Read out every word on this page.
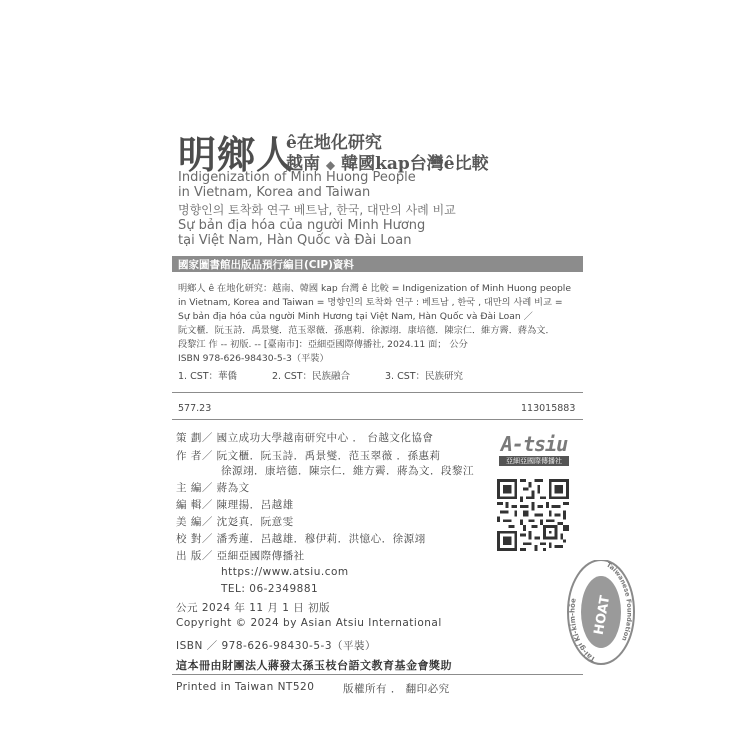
明鄉人
ê在地化研究
越南 ◆ 韓國kap台灣ê比較
Indigenization of Minh Huong People
in Vietnam, Korea and Taiwan
명향인의 토착화 연구 베트남, 한국, 대만의 사례 비교
Sự bản địa hóa của người Minh Hương
tại Việt Nam, Hàn Quốc và Đài Loan
國家圖書館出版品預行編目(CIP)資料
明鄉人 ê 在地化研究：越南、韓國 kap 台灣 ê 比較 = Indigenization of Minh Huong people
in Vietnam, Korea and Taiwan = 명향인의 토착화 연구 : 베트남 , 한국 , 대만의 사례 비교 =
Sự bản địa hóa của người Minh Hương tại Việt Nam, Hàn Quốc và Đài Loan ／
阮文櫃．阮玉詩．禹景燮．范玉翠薇．孫惠莉．徐源翊．康培德．陳宗仁．維方霽．蔣為文．
段黎江 作 -- 初版. -- [臺南市]：亞細亞國際傳播社, 2024.11 面； 公分
ISBN 978-626-98430-5-3（平裝）
1. CST：華僑	2. CST：民族融合	3. CST：民族研究
577.23	113015883
策 劃／ 國立成功大學越南研究中心 ． 台越文化協會
作 者／ 阮文櫃．阮玉詩．禹景燮．范玉翠薇 ．孫惠莉
徐源翊．康培德．陳宗仁．維方霽．蔣為文．段黎江
主 編／ 蔣為文
編 輯／ 陳理揚．呂越雄
美 編／ 沈彣真．阮意雯
校 對／ 潘秀蓮．呂越雄．穆伊莉．洪憶心．徐源翊
出 版／ 亞細亞國際傳播社
https://www.atsiu.com
TEL: 06-2349881
公元 2024 年 11 月 1 日 初版
Copyright © 2024 by Asian Atsiu International
ISBN ／ 978-626-98430-5-3（平裝）
這本冊由財團法人蔣發太孫玉枝台語文教育基金會獎助
Printed in Taiwan NT520	版權所有 ． 翻印必究
A-tsiu
亞細亞國際傳播社
HOAT
Tâi-gí Ki-kim-hōe
Taiwanese Foundation
